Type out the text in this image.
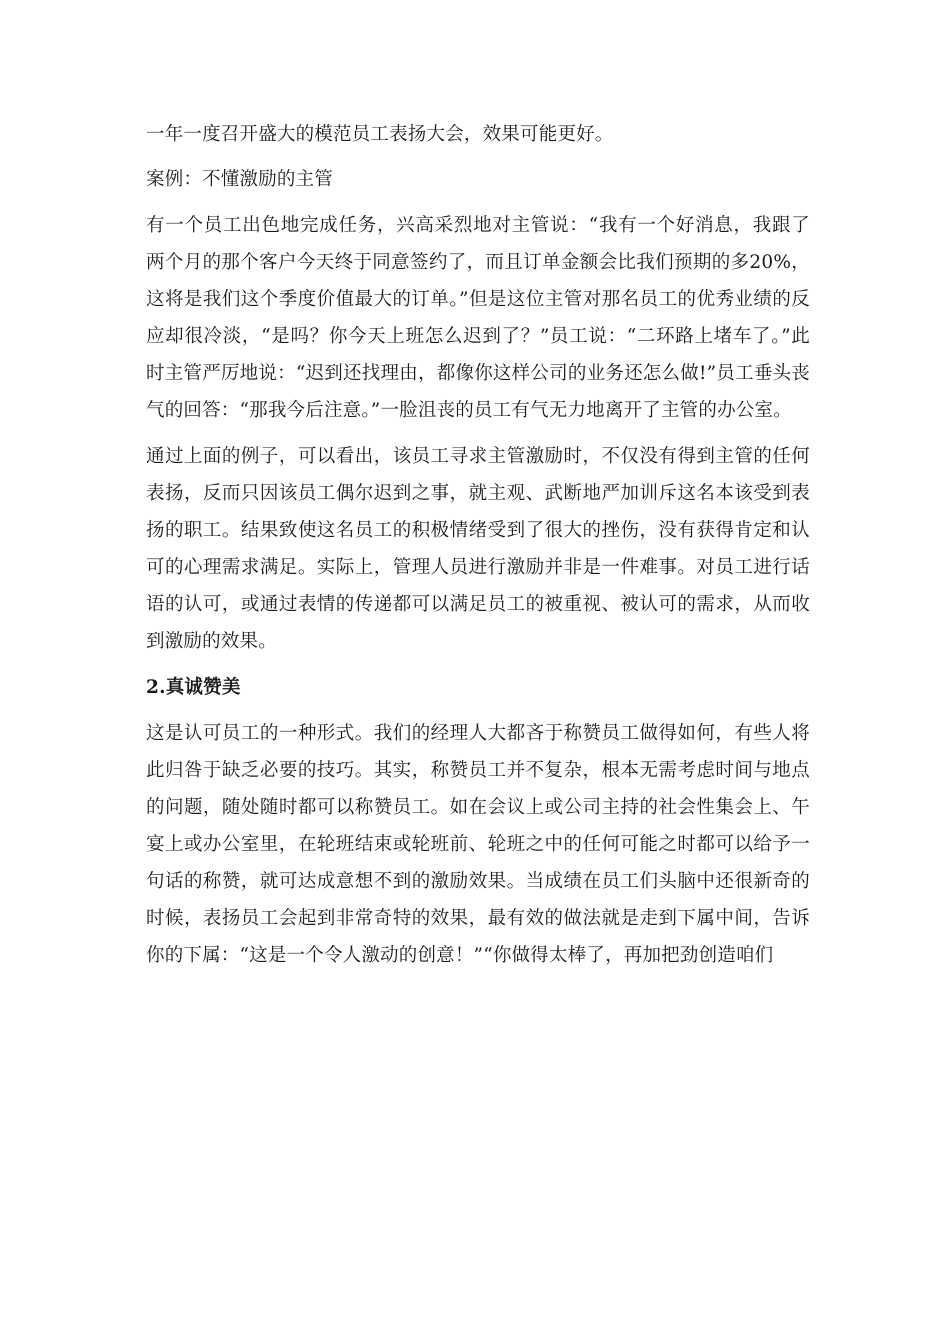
一年一度召开盛大的模范员工表扬大会，效果可能更好。

案例：不懂激励的主管

有一个员工出色地完成任务，兴高采烈地对主管说：“我有一个好消息，我跟了两个月的那个客户今天终于同意签约了，而且订单金额会比我们预期的多20%，这将是我们这个季度价值最大的订单。”但是这位主管对那名员工的优秀业绩的反应却很冷淡，“是吗？你今天上班怎么迟到了？”员工说：“二环路上堵车了。”此时主管严厉地说：“迟到还找理由，都像你这样公司的业务还怎么做!”员工垂头丧气的回答：“那我今后注意。”一脸沮丧的员工有气无力地离开了主管的办公室。

通过上面的例子，可以看出，该员工寻求主管激励时，不仅没有得到主管的任何表扬，反而只因该员工偶尔迟到之事，就主观、武断地严加训斥这名本该受到表扬的职工。结果致使这名员工的积极情绪受到了很大的挫伤，没有获得肯定和认可的心理需求满足。实际上，管理人员进行激励并非是一件难事。对员工进行话语的认可，或通过表情的传递都可以满足员工的被重视、被认可的需求，从而收到激励的效果。

2.真诚赞美

这是认可员工的一种形式。我们的经理人大都吝于称赞员工做得如何，有些人将此归咎于缺乏必要的技巧。其实，称赞员工并不复杂，根本无需考虑时间与地点的问题，随处随时都可以称赞员工。如在会议上或公司主持的社会性集会上、午宴上或办公室里，在轮班结束或轮班前、轮班之中的任何可能之时都可以给予一句话的称赞，就可达成意想不到的激励效果。当成绩在员工们头脑中还很新奇的时候，表扬员工会起到非常奇特的效果，最有效的做法就是走到下属中间，告诉你的下属：“这是一个令人激动的创意！”“你做得太棒了，再加把劲创造咱们
